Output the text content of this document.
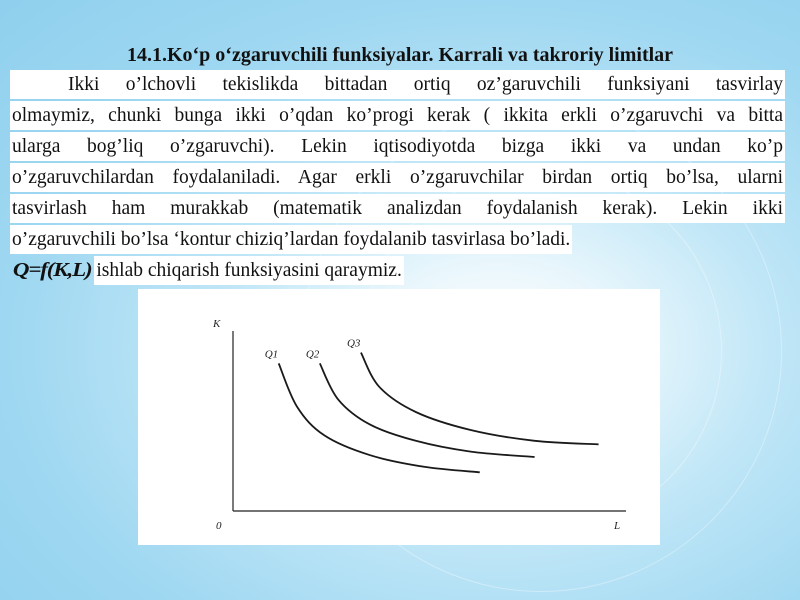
14.1.Ko‘p o‘zgaruvchili funksiyalar. Karrali va takroriy limitlar
Ikki o’lchovli tekislikda bittadan ortiq oz’garuvchili funksiyani tasvirlay
olmaymiz, chunki bunga ikki o’qdan ko’progi kerak ( ikkita erkli o’zgaruvchi va bitta
ularga bog’liq o’zgaruvchi). Lekin iqtisodiyotda bizga ikki va undan ko’p
o’zgaruvchilardan foydalaniladi. Agar erkli o’zgaruvchilar birdan ortiq bo’lsa, ularni
tasvirlash ham murakkab (matematik analizdan foydalanish kerak). Lekin ikki
o’zgaruvchili bo’lsa ‘kontur chiziq’lardan foydalanib tasvirlasa bo’ladi.
Q=f(K,L) ishlab chiqarish funksiyasini qaraymiz.
K
L
0
Q1	Q2
Q3
